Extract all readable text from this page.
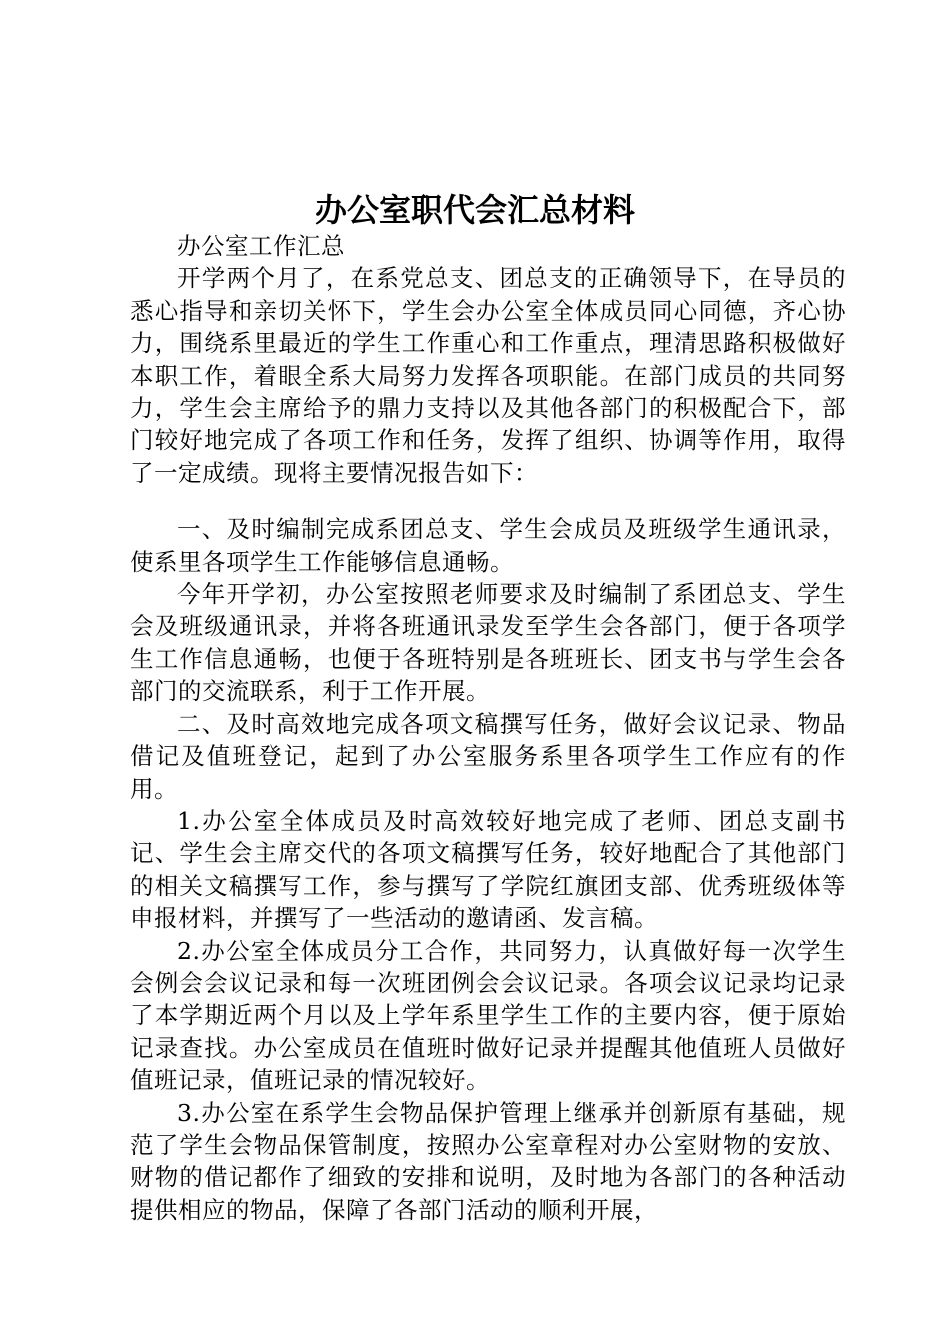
办公室职代会汇总材料

办公室工作汇总

开学两个月了，在系党总支、团总支的正确领导下，在导员的悉心指导和亲切关怀下，学生会办公室全体成员同心同德，齐心协力，围绕系里最近的学生工作重心和工作重点，理清思路积极做好本职工作，着眼全系大局努力发挥各项职能。在部门成员的共同努力，学生会主席给予的鼎力支持以及其他各部门的积极配合下，部门较好地完成了各项工作和任务，发挥了组织、协调等作用，取得了一定成绩。现将主要情况报告如下：

一、及时编制完成系团总支、学生会成员及班级学生通讯录，使系里各项学生工作能够信息通畅。

今年开学初，办公室按照老师要求及时编制了系团总支、学生会及班级通讯录，并将各班通讯录发至学生会各部门，便于各项学生工作信息通畅，也便于各班特别是各班班长、团支书与学生会各部门的交流联系，利于工作开展。

二、及时高效地完成各项文稿撰写任务，做好会议记录、物品借记及值班登记，起到了办公室服务系里各项学生工作应有的作用。

1.办公室全体成员及时高效较好地完成了老师、团总支副书记、学生会主席交代的各项文稿撰写任务，较好地配合了其他部门的相关文稿撰写工作，参与撰写了学院红旗团支部、优秀班级体等申报材料，并撰写了一些活动的邀请函、发言稿。

2.办公室全体成员分工合作，共同努力，认真做好每一次学生会例会会议记录和每一次班团例会会议记录。各项会议记录均记录了本学期近两个月以及上学年系里学生工作的主要内容，便于原始记录查找。办公室成员在值班时做好记录并提醒其他值班人员做好值班记录，值班记录的情况较好。

3.办公室在系学生会物品保护管理上继承并创新原有基础，规范了学生会物品保管制度，按照办公室章程对办公室财物的安放、财物的借记都作了细致的安排和说明，及时地为各部门的各种活动提供相应的物品，保障了各部门活动的顺利开展，
